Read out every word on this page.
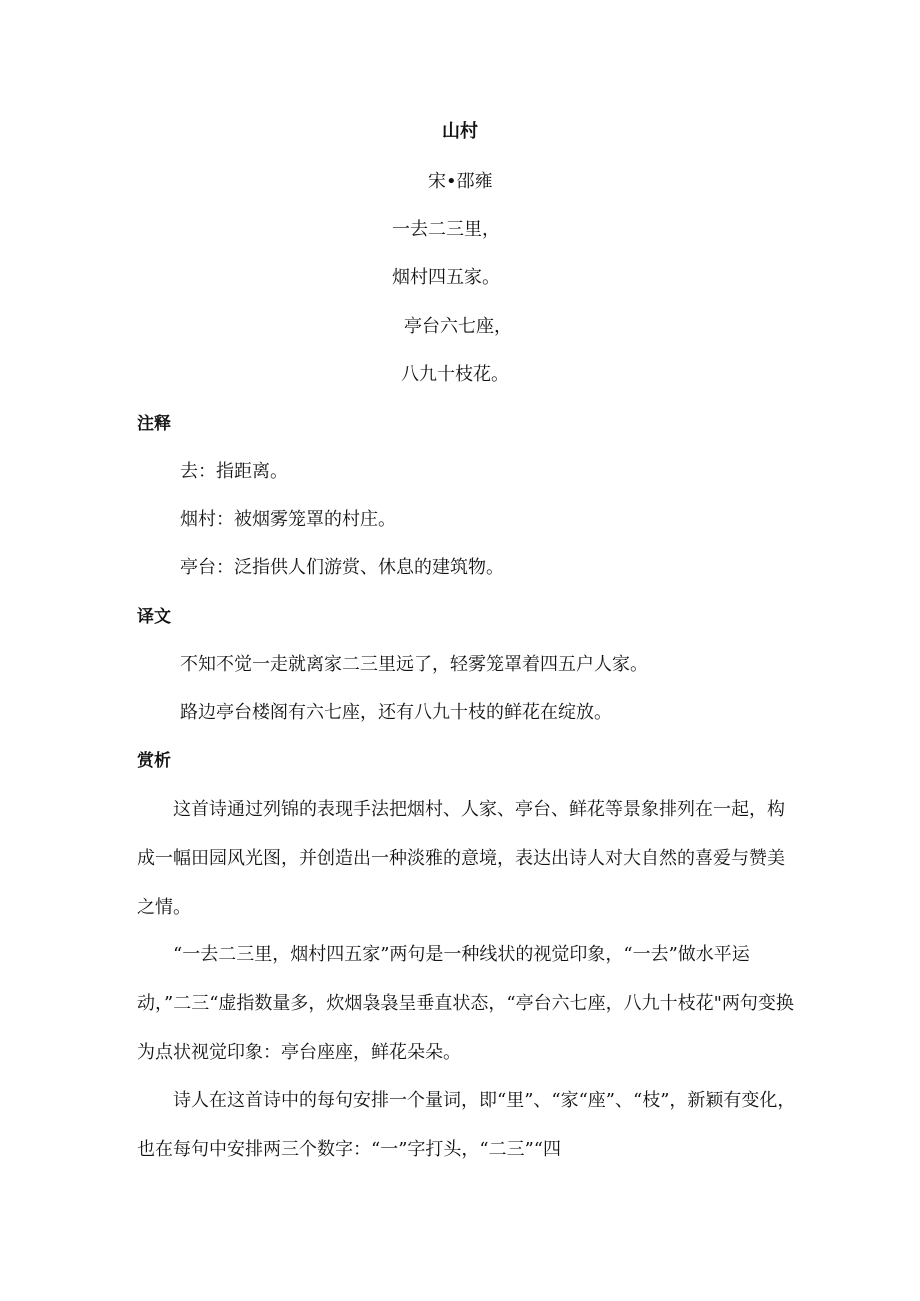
山村
宋•邵雍
一去二三里，
烟村四五家。
亭台六七座，
八九十枝花。
注释
去：指距离。
烟村：被烟雾笼罩的村庄。
亭台：泛指供人们游赏、休息的建筑物。
译文
不知不觉一走就离家二三里远了，轻雾笼罩着四五户人家。
路边亭台楼阁有六七座，还有八九十枝的鲜花在绽放。
赏析

这首诗通过列锦的表现手法把烟村、人家、亭台、鲜花等景象排列在一起，构成一幅田园风光图，并创造出一种淡雅的意境，表达出诗人对大自然的喜爱与赞美之情。

“一去二三里，烟村四五家”两句是一种线状的视觉印象，“一去”做水平运动，”二三“虚指数量多，炊烟袅袅呈垂直状态，“亭台六七座，八九十枝花"两句变换为点状视觉印象：亭台座座，鲜花朵朵。

诗人在这首诗中的每句安排一个量词，即“里”、“家“座”、“枝”，新颖有变化，也在每句中安排两三个数字：“一”字打头，“二三”“四
